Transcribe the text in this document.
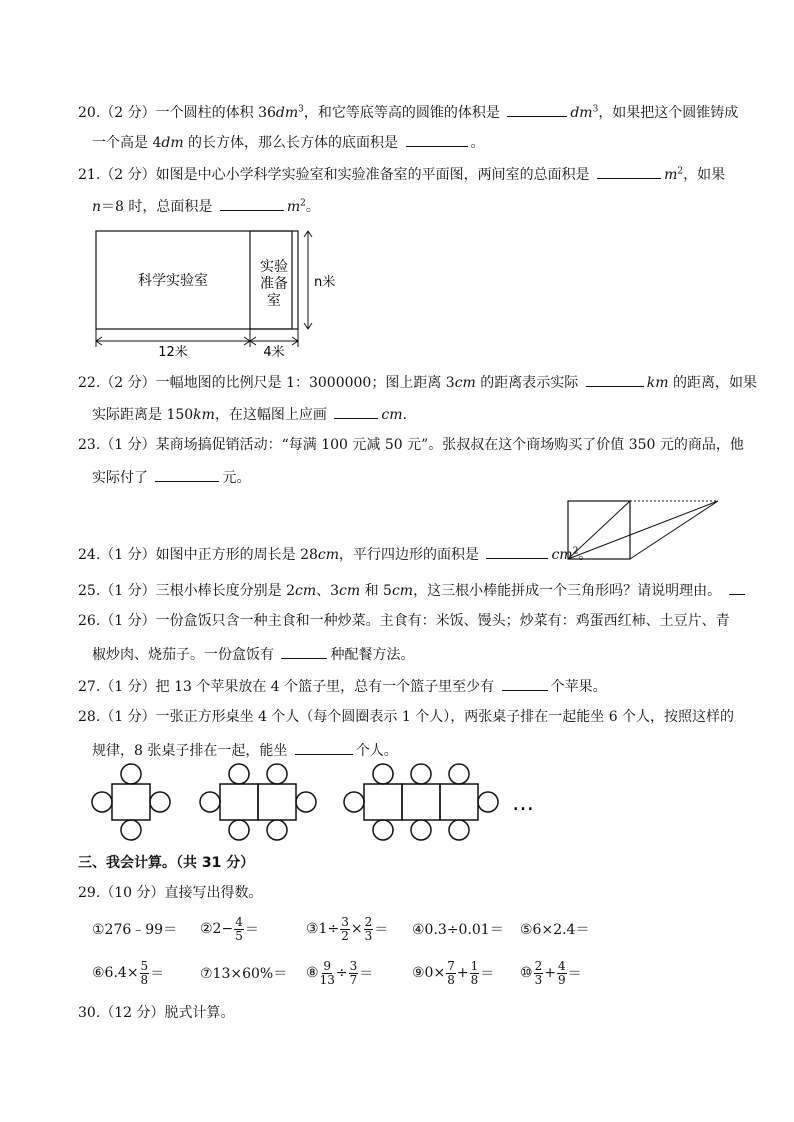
20.（2 分）一个圆柱的体积 $36dm^3$，和它等底等高的圆锥的体积是	$dm^3$，如果把这个圆锥铸成
一个高是 4dm 的长方体，那么长方体的底面积是	。
21.（2 分）如图是中心小学科学实验室和实验准备室的平面图，两间室的总面积是	$m^2$，如果
n＝8 时，总面积是	$m^2$。
科学实验室
实验
准备
室
n米
12米	4米
22.（2 分）一幅地图的比例尺是 1：3000000；图上距离 3cm 的距离表示实际	km 的距离，如果
实际距离是 150km，在这幅图上应画	cm.
23.（1 分）某商场搞促销活动：“每满 100 元减 50 元”。张叔叔在这个商场购买了价值 350 元的商品，他
实际付了	元。
24.（1 分）如图中正方形的周长是 28cm，平行四边形的面积是	$cm^2$。
25.（1 分）三根小棒长度分别是 2cm、3cm 和 5cm，这三根小棒能拼成一个三角形吗？请说明理由。
26.（1 分）一份盒饭只含一种主食和一种炒菜。主食有：米饭、馒头；炒菜有：鸡蛋西红柿、土豆片、青
椒炒肉、烧茄子。一份盒饭有	种配餐方法。
27.（1 分）把 13 个苹果放在 4 个篮子里，总有一个篮子里至少有	个苹果。
28.（1 分）一张正方形桌坐 4 个人（每个圆圈表示 1 个人），两张桌子排在一起能坐 6 个人，按照这样的
规律，8 张桌子排在一起，能坐	个人。
…
三、我会计算。（共 31 分）
29.（10 分）直接写出得数。
①276﹣99＝ ②2− $\frac{4}{5}$ ＝	③1÷ $\frac{3}{2} \times \frac{2}{3}$ ＝ ④0.3÷0.01＝ ⑤6×2.4＝
⑥6.4× $\frac{5}{8}$ ＝	⑦13×60%＝ ⑧ $\frac{9}{13} \div \frac{3}{7}$ ＝	⑨0× $\frac{7}{8} + \frac{1}{8}$ ＝ ⑩ $\frac{2}{3} + \frac{4}{9}$ ＝
30.（12 分）脱式计算。
